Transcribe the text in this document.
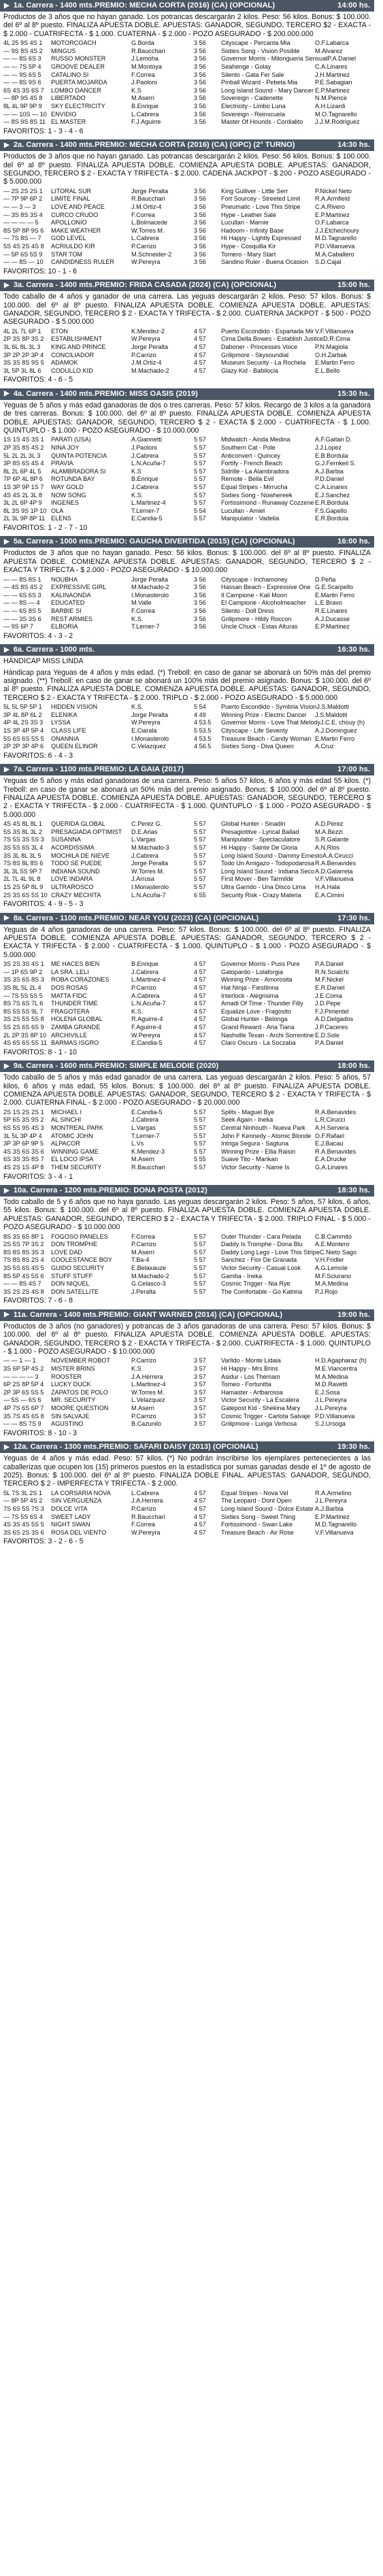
▶ 1a. Carrera - 1400 mts.PREMIO: MECHA CORTA (2016) (CA) (OPCIONAL)	14:00 hs.
Productos de 3 años que no hayan ganado. Los potrancas descargarán 2 kilos. Peso: 56 kilos. Bonus: $ 100.000. del 6º al 8º puesto. FINALIZA APUESTA DOBLE. APUESTAS: GANADOR, SEGUNDO, TERCERO $2 - EXACTA - $ 2.000 - CUATRIFECTA - $ 1.000. CUATERNA - $ 2.000 - POZO ASEGURADO - $ 200.000.000
4L 25 9S 4S 1	MOTORCOACH	G.Borda	3 56	Cityscape - Percanta Mia	O.F.Labarca
— 9S 8S 4S 2	MINGUS	R.Baucchari	3 56	Sixties Song - Vision Posible	M.Alvarez
— — 8S 6S 3	RUSSO MONSTER	J.Lemoha	3 56	Governor Morris - Milongueria Sensual P.A.Daniel
— — 7S 5P 4	GROOVE DEALER	M.Montoya	3 56	Seahenge - Golay	C.A.Linares
— — 9S 6S 5	CATALINO SI	F.Correa	3 56	Silento - Gata Fer Sale	J.H.Martinez
— — 8S 9S 6	PUERTA MOJARDA	J.Paoloni	3 56	Pinball Wizard - Pebeta Mia	P.E.Sabagian
6S 4S 3S 6S 7	LOMBO DANCER	K.S	3 56	Long Island Sound - Mary Dancer E.P.Martinez
— 8P 9S 4S 8	LIBERTADO	M.Aserri	3 56	Sovereign - Cadenette	N.M.Pience
8L 4L 9P 9P 9	SKY ELECTRICITY	B.Enrique	3 56	Electricity - Limbo Luna	A.H.Lizardi
— — 10S — 10 ENVIDIO	L.Cabrera	3 56	Sovereign - Reinscuela	M.O.Tagnarello
— 8S 9S 8S 11 EL MASTER	F.J.Aguirre	3 56	Master Of Hounds - Cordialito	J.J.M.Rodriguez
FAVORITOS: 1 - 3 - 4 - 6
▶ 2a. Carrera - 1400 mts.PREMIO: MECHA CORTA (2016) (CA) (OPC) (2° TURNO)	14:30 hs.
Productos de 3 años que no hayan ganado. Las potrancas descargarán 2 kilos. Peso: 56 kilos. Bonus: $ 100.000. del 6º al 8º puesto. FINALIZA APUESTA DOBLE. COMIENZA APUESTA DOBLE. APUESTAS: GANADOR, SEGUNDO, TERCERO $ 2 - EXACTA Y TRIFECTA - $ 2.000. CADENA JACKPOT - $ 200 - POZO ASEGURADO - $ 5.000.000
— 2S 2S 2S 1	LITORAL SUR	Jorge Peralta	3 56	King Gulliver - Little Serr	P.Nickel Neto
— 7P 9P 6P 2	LIMITE FINAL	R.Baucchari	3 56	Fort Sourcey - Streeted Limit	R.A.Armfield
— — 3 — 3	LOVE AND PEACE	J.M.Ortiz-4	3 56	Pneumatic - Love This Stripe	C.A.Rivero
— 3S 8S 3S 4	CURCO CRUDO	F.Correa	3 56	Hype - Leather Sale	E.P.Martinez
— — — — 5	APOLLONIO	L.Bolmacede	3 56	Lucullan - Marnie	O.F.Labarca
8S 5P 8P 9S 6	MAKE WEATHER	W.Torres M.	3 56	Hadoom - Infinity Base	J.J.Etchechoury
— 7S 8S — 7	GOD LEVEL	L.Cabrera	3 56	Hi Happy - Lightly Expressed	M.D.Tagnarello
5S 4S 2S 4S 8	ACRIULDO KIR	P.Carrizo	3 56	Hype - Cosquilla Kir	P.D.Villanueva
— 5P 6S 5S 9	STAR TOM	M.Schneider-2	3 56	Tomero - Mary Start	M.A.Caballero
— — 8S — 10	CANDIDNESS RULER	W.Pereyra	3 56	Sandino Ruler - Buena Ocasion	S.D.Cajal
FAVORITOS: 10 - 1 - 6
▶ 3a. Carrera - 1400 mts.PREMIO: FRIDA CASADA (2024) (CA) (OPCIONAL)	15:00 hs.
Todo caballo de 4 años y ganador de una carrera. Las yeguas descargarán 2 kilos. Peso: 57 kilos. Bonus: $ 100.000. del 6º al 8º puesto. FINALIZA APUESTA DOBLE. COMIENZA APUESTA DOBLE. APUESTAS: GANADOR, SEGUNDO, TERCERO $ 2 - EXACTA Y TRIFECTA - $ 2.000. CUATERNA JACKPOT - $ 500 - POZO ASEGURADO - $ 5.000.000
4L 2L 7L 6P 1	ETON	K.Mendez-2	4 57	Puerto Escondido - Espartada Mir V.F.Villanueva
2P 3S 8P 3S 2	ESTABLISHMENT	W.Pereyra	4 57	Cima Della Bowes - Establish Justice D.R.Cima
3L 6L 8L 3L 3	KING AND PRINCE	Jorge Peralta	4 57	Daboner - Princesses Voice	P.N.Magiola
3P 2P 2P 3P 4	CONCILIADOR	P.Carrizo	4 57	Grilipmore - Skysoundial	O.H.Zarbak
3S 3S 8S 9S 5	ADAMOK	J.M.Ortiz-4	4 57	Museum Security - La Rochela	E.Martin Ferro
3L 5P 3L 8L 6	CODULLO KID	M.Machado-2	4 57	Glazy Kid - Babilocia	E.L.Bello
FAVORITOS: 4 - 6 - 5
▶ 4a. Carrera - 1400 mts.PREMIO: MISS OASIS (2019)	15:30 hs.
Yeguas de 5 años y más edad ganadoras de dos o tres carreras. Peso: 57 kilos. Recargo de 3 kilos a la ganadora de tres carreras. Bonus: $ 100.000. del 6º al 8º puesto. FINALIZA APUESTA DOBLE. COMIENZA APUESTA DOBLE. APUESTAS: GANADOR, SEGUNDO, TERCERO $ 2 - EXACTA $ 2.000 - CUATRIFECTA - $ 1.000. QUINTUPLO - $ 1.000 - POZO ASEGURADO - $ 10.000.000
1S 1S 4S 3S 1	PARATI (USA)	A.Giannetti	5 57	Midwatch - Ainda Medina	A.F.Gaitan D.
2P 3S 8S 4S 2	NINA JOY	J.Paoloni	5 57	Southern Cat - Pole	J.J.Lopez
5L 2L 2L 3L 3	QUINTA POTENCIA	J.Cabrera	5 57	Anticonvert - Quincey	E.B.Bordula
3P 8S 6S 4S 4	PRAVIA	L.N.Acuña-7	5 57	Fortify - French Beach	G.J.Fernkeil S.
8L 2L 6P 4L 5	ALAMBRADORA SI	K.S	5 57	Sidrille - La Alambradora	A.J.Barbia
7P 6P 4L 8P 6	ROTUNDA BAY	B.Enrique	5 57	Remote - Bella Evil	P.D.Daniel
1S 3P 9P 1S 7	WAY GOLD	J.Cabrera	5 57	Equal Stripes - Mirrucha	C.A.Linares
4S 4S 2L 3L 8	NOW SONG	K.S.	5 57	Sixties Song - Nowhereek	E.J.Sanchez
3L 2L 6P 4P 9	INGENES	L.Martinez-4	5 57	Fortissimond - Runaway Cozzene E.R.Bordula
8L 3S 9S 1P 10 OLA	T.Lerner-7	5 54	Lucullan - Amiel	F.S.Gapello
2L 3L 9P 8P 11 ELENS	E.Candia-5	5 57	Manipulator - Vadelia	E.R.Bordula
FAVORITOS: 1 - 2 - 7 - 10
▶ 5a. Carrera - 1000 mts.PREMIO: GAUCHA DIVERTIDA (2015) (CA) (OPCIONAL)	16:00 hs.
Productos de 3 años que no hayan ganado. Peso: 56 kilos. Bonus: $ 100.000. del 6º al 8º puesto. FINALIZA APUESTA DOBLE. COMIENZA APUESTA DOBLE. APUESTAS: GANADOR, SEGUNDO, TERCERO $ 2 - EXACTA Y TRIFECTA - $ 2.000 - POZO ASEGURADO - $ 10.000.000
— — 8S 8S 1	NOUBHA	Jorge Peralta	3 56	Cityscape - Inchamoney	D.Peña
— 4S 8S 4S 2	EXPRESSIVE GIRL	M.Machado-2	3 56	Hassan Beach - Expressive One G.E.Scarpello
— — 6S 6S 3	KALINAONDA	I.Monasterolo	3 56	Il Campione - Kali Moon	E.Martin Ferro
— — 8S — 4	EDUCATED	M.Valle	3 56	El Campione - Alcoholmeacher	L.E.Bravo
— — 6S 8S 5	BARBIE SI	F.Correa	3 56	Silento - Doll Dress	R.E.Linares
— — 3S 3S 6	REST ARMIES	K.S.	3 56	Grilipmore - Hildy Roccon	A.J.Ducasse
— 9S 6P 7	ELBORIA	T.Lerner-7	3 56	Uncle Chuck - Estas Alturas	E.P.Martinez
FAVORITOS: 4 - 3 - 2
▶ 6a. Carrera - 1000 mts.	16:30 hs.
HÁNDICAP MISS LINDA
Hándicap para Yeguas de 4 años y más edad. (*) Treboll: en caso de ganar se abonará un 50% más del premio asignado. (**) Treboll: en caso de ganar se abonará un 100% más del premio asignado. Bonus: $ 100.000. del 6º al 8º puesto. FINALIZA APUESTA DOBLE. COMIENZA APUESTA DOBLE. APUESTAS: GANADOR, SEGUNDO, TERCERO $ 2 - EXACTA Y TRIFECTA - $ 2.000. TRIPLO - $ 2.000 - POZO ASEGURADO - $ 5.000.000
5L 5L 5P 5P 1	HIDDEN VISION	K.S.	5 54	Puerto Escondido - Symbria Vision J.S.Maldotti
3P 4L 8P 6L 2	ELENIKA	Jorge Peralta	4 49	Winning Prize - Electric Dancer	J.S.Maldotti
4P 4L 2S 3S 3	LYSSA	W.Pereyra	4 53.5	Governor Morris - Love That Melody J.C.E. chouy (h)
1S 3P 4P 5P 4	CLASS LIFE	E.Ciarala	5 53.5	Cityscape - Life Seventy	A.J.Dominguez
5S 6S 6S 5S 5	ONANNIA	I.Monasterolo	4 53.5	Treasure Beach - Candy Woman E.Martin Ferro
2P 2P 3P 4P 6	QUEEN ELINOR	C.Velazquez	4 56.5	Sixties Song - Diva Queen	A.Cruz
FAVORITOS: 6 - 4 - 3
▶ 7a. Carrera - 1100 mts.PREMIO: LA GAIA (2017)	17:00 hs.
Yeguas de 5 años y más edad ganadoras de una carrera. Peso: 5 años 57 kilos, 6 años y más edad 55 kilos. (*) Treboll: en caso de ganar se abonará un 50% más del premio asignado. Bonus: $ 100.000. del 6º al 8º puesto. FINALIZA APUESTA DOBLE. COMIENZA APUESTA DOBLE. APUESTAS: GANADOR, SEGUNDO, TERCERO $ 2 - EXACTA Y TRIFECTA - $ 2.000 - CUATRIFECTA - $ 1.000. QUINTUPLO - $ 1.000 - POZO ASEGURADO - $ 5.000.000
4S 4S 8L 8L 1	QUERIDA GLOBAL	C.Perez G.	5 57	Global Hunter - Sinadin	A.D.Perez
5S 3S 8L 3L 2	PRESAGIADA OPTIMIST	D.E.Arias	5 57	Presagiotitve - Lyrical Ballad	M.A.Bezzi
7S 5S 3S 5S 3	SUSANNA	L.Vargas	5 57	Manipulator - Spectaculatore	S.R.Galante
3S 5S 6S 3L 4	ACORDISSIMA	M.Machado-3	5 57	Hi Happy - Sainte De Gloria	A.N.Rios
3S 3L 8L 3L 5	MOCHILA DE NIEVE	J.Cabrera	5 57	Long Island Sound - Dammy Ernesto A.A.Cirucci
7S 8S 8L 8S 6	TODO SE PUEDE	Jorge Peralta	5 57	Todo Un Amigazo - Todopodarosa R.A.Benavides
3L 3L 5S 9P 7	INDIANA SOUND	W.Torres M.	5 57	Long Island Sound - Indiana Seco A.D.Galarreta
2L 7L 4L 9L 8	LOVE INDARA	J.Arrusa	5 57	First Mover - Ben Tarmilde	V.F.Villanueva
1S 2S 5P 8L 9	ULTRAROSCO	I.Monasterolo	5 57	Ultra Garrido - Una Disco Lima	H.A.Hala
2S 3S 6S 5S 10 CRAZY MECHITA	L.N.Acuña-7	6 55	Security Risk - Crazy Materia	E.A.Cimini
FAVORITOS: 4 - 9 - 5 - 3
▶ 8a. Carrera - 1100 mts.PREMIO: NEAR YOU (2023) (CA) (OPCIONAL)	17:30 hs.
Yeguas de 4 años ganadoras de una carrera. Peso: 57 kilos. Bonus: $ 100.000. del 6º al 8º puesto. FINALIZA APUESTA DOBLE. COMIENZA APUESTA DOBLE. APUESTAS: GANADOR, SEGUNDO, TERCERO $ 2 - EXACTA Y TRIFECTA - $ 2.000 - CUATRIFECTA - $ 1.000. QUINTUPLO - $ 1.000 - POZO ASEGURADO - $ 5.000.000
3S 2S 3S 4S 1	ME HACES BIEN	B.Enrique	4 57	Governor Morris - Puss Pure	P.A.Daniel
— 1P 6S 9P 2	LA SRA. LELI	J.Cabrera	4 57	Gatopardo - Lolaforgia	R.N.Scialchi
3S 3S 6S 8S 3	ROBA CORAZONES	L.Martinez-4	4 57	Winning Prize - Amorosita	M.F.Nickel
3S 8L 5L 2L 4	DOS ROSAS	P.Carrizo	4 57	Hat Ninja - Fiestlinna	E.R.Daniel
— 7S 5S 5S 5	MATTA FIDC	A.Cabrera	4 57	Interlock - Alegrisima	J.E.Coma
8S 7S 6S 7L 6	THUNDER TIME	L.N.Acuña-7	4 57	Amadi Of Time - Thunder Filly	J.D.Pepe
8S 5S 5S 9L 7	FRAGOTERA	K.S.	4 57	Equalize Love - Fragosito	F.J.Pimentel
3S 2S 5S 5S 8	HOLENA GLOBAL	R.Aguirre-4	4 57	Global Hunter - Belonga	A.D.Delgados
5S 2S 6S 6S 9	ZAMBA GRANDE	F.Aguirre-4	4 57	Grand Reward - Aria Tiana	J.P.Caceres
2L 2P 3S 8P 10 ARCHIVILLE	W.Pereyra	4 57	Nashville Texan - Archi Sorrentine E.D.Sole
4S 6S 6S 5S 11 BARMAS ISGRO	E.Candia-5	4 57	Claro Oscuro - La Soczaba	P.A.Daniel
FAVORITOS: 8 - 1 - 10
▶ 9a. Carrera - 1600 mts.PREMIO: SIMPLE MELODIE (2020)	18:00 hs.
Todo caballo de 5 años y más edad ganador de una carrera. Las yeguas descargarán 2 kilos. Peso: 5 años, 57 kilos, 6 años y más edad, 55 kilos. Bonus: $ 100.000. del 6º al 8º puesto. FINALIZA APUESTA DOBLE. COMIENZA APUESTA DOBLE. APUESTAS: GANADOR, SEGUNDO, TERCERO $ 2 - EXACTA Y TRIFECTA - $ 2.000. CUATERNA FINAL - $ 2.000 - POZO ASEGURADO - $ 20.000.000
2S 1S 2S 2S 1	MICHAEL I	E.Candia-5	5 57	Splits - Maguel Bye	R.A.Benavides
5P 6S 3S 9S 2	AL SINCHI	J.Cabrera	5 57	Seek Again - Ineka	L.R.Cirucci
6S 5S 9S 4S 3	MONTREAL PARK	L.Vargas	5 57	Central Ninhouth - Nueva Park	A.H.Servera
3L 5L 3P 4P 4	ATOMIC JOHN	T.Lerner-7	5 57	John F Kennedy - Atomic Blonde O.F.Rafael
3P 3P 6P 9P 5	ALPACOR	L.Vs	5 57	Intriga Segura - Sagtuna	E.J.Bacau
4S 3S 6S 3S 6	WINNING GAME	K.Mendez-3	5 57	Winning Prize - Ellia Raisin	R.A.Benavides
6S 3S 3S 8S 7	EL LOCO IPSA	M.Aserri	5 55	Suave Tito - Marikan	E.A.Drucke
4S 2S 1S 4P 8	THEM SECURITY	R.Baucchari	5 57	Victor Security - Name Is	G.A.Linares
FAVORITOS: 3 - 4 - 1
▶ 10a. Carrera - 1200 mts.PREMIO: DONA POSTA (2012)	18:30 hs.
Todo caballo de 5 y 6 años que no haya ganado. Las yeguas descargarán 2 kilos. Peso: 5 años, 57 kilos, 6 años, 55 kilos. Bonus: $ 100.000. del 6º al 8º puesto. FINALIZA APUESTA DOBLE. COMIENZA APUESTA DOBLE. APUESTAS: GANADOR, SEGUNDO, TERCERO $ 2 - EXACTA Y TRIFECTA - $ 2.000. TRIPLO FINAL - $ 5.000 - POZO ASEGURADO - $ 10.000.000
8S 3S 6S 8P 1	FOGOSO PANELES	F.Correa	5 57	Outer Thunder - Cara Pelada	C.B.Cammito
2S 5S 7P 3S 2	DON TROMPHE	P.Carrizo	5 57	Daddy Is Tromphe - Dona Blu	A.E.Montero
8S 8S 8S 3S 3	LOVE DAD	M.Aserri	5 57	Daddy Long Legs - Love This Stripe C.Nieto Sago
7S 8S 8S 2S 4	COOLESTANCE BOY	T.Ba-4	5 57	Sanchez - Fior De Granada	V.H.Fridler
3S 5S 6S 4S 5	GUIDO SECURITY	E.Belaxauze	5 57	Victor Security - Casual Look	A.G.Lemole
8S 5P 4S 5S 6	STUFF STUFF	M.Machado-2	5 57	Gamba - Ineka	M.F.Sciurano
— — 8S 4S 7	DON NIQUEL	G.Celasco-3	5 57	Cosmic Trigger - Nia Rye	M.A.Medina
3S 2S 2S 4S 8	DON SATELLITE	J.Peralta	5 57	The Comfortable - Go Katrina	P.J.Rojo
FAVORITOS: 7 - 6 - 8
▶ 11a. Carrera - 1400 mts.PREMIO: GIANT WARNED (2014) (CA) (OPCIONAL)	19:00 hs.
Productos de 3 años (no ganadores) y potrancas de 3 años ganadoras de una carrera. Peso: 57 kilos. Bonus: $ 100.000. del 6º al 8º puesto. FINALIZA APUESTA DOBLE. COMIENZA APUESTA DOBLE. APUESTAS: GANADOR, SEGUNDO, TERCERO $ 2 - EXACTA Y TRIFECTA - $ 2.000. CUATRIFECTA - $ 1.000. QUINTUPLO - $ 1.000 - POZO ASEGURADO - $ 10.000.000
— — 1 — 1	NOVEMBER ROBOT	P.Carrizo	3 57	Varlido - Monte Lidaia	H.D.Agapharaz (h)
3S 6P 5P 4S 2	MISTER BRINS	K.S	3 57	Hi Happy - Mrs Brins	M.E.Viancentra
— — — — 3	ROOSTER	J.A.Herrera	3 57	Asidur - Los Themam	M.A.Medina
6P 2S 8P 5P 4	LUCKY DUCK	L.Martinez-4	3 57	Tomeo - Fortunitta	M.D.Ravetti
2P 3P 6S 5S 5	ZAPATOS DE POLO	W.Torres M.	3 57	Hamaster - Artbarossa	E.J.Sosa
— 5S — 6S 6	MR. SECURITY	L.Velazquez	3 57	Victor Security - La Escalera	J.L.Pereyra
4P 7S 6S 6P 7	MOORE QUESTION	M.Aserri	3 57	Gatepost Kid - Shekina Mary	J.L.Pereyra
3S 7S 4S 6S 8	SIN SALVAJE	P.Carrizo	3 57	Cosmic Trigger - Carlota Salvaje P.D.Villanueva
— — 8S 7S 9	AGUSTINO	B.Cazunilo	3 57	Grilipmore - Lunga Verbosa	S.J.Ursoga
FAVORITOS: 8 - 10 - 3
▶ 12a. Carrera - 1300 mts.PREMIO: SAFARI DAISY (2013) (OPCIONAL)	19:30 hs.
Yeguas de 4 años y más edad. Peso: 57 kilos. (*) No podrán inscribirse los ejemplares pertenecientes a las caballerizas que ocupen los (15) primeros puestos en la estadística por sumas ganadas desde el 1º de agosto de 2025). Bonus: $ 100.000. del 6º al 8º puesto. FINALIZA DOBLE FINAL. APUESTAS: GANADOR, SEGUNDO, TERCERO $ 2 - IMPERFECTA Y TRIFECTA - $ 2.000.
5L 7S 3L 2S 1	LA CORSARIA NOVA	L.Cabrera	4 57	Equal Stripes - Nova Vel	R.A.Armelino
— 8P 5P 4S 2	SIN VERGUENZA	J.A.Herrera	4 57	The Leopard - Dont Open	J.L.Pereyra
7S 6S 5S 7S 3	DOLCE VITA	P.Carrizo	4 57	Long Island Sound - Dolce Estate A.J.Barbia
— 7S 5S 6S 4	SWEET LADY	R.Baucchari	4 57	Sixties Song - Sweet Thing	E.P.Martinez
4S 3S 4S 5S 5	NIGHT SWAN	F.Correa	4 57	Fortissimond - Swan Lake	M.D.Tagnarello
3S 6S 2S 3S 6	ROSA DEL VIENTO	W.Pereyra	4 57	Treasure Beach - Air Rose	V.F.Villanueva
FAVORITOS: 3 - 2 - 6 - 5
